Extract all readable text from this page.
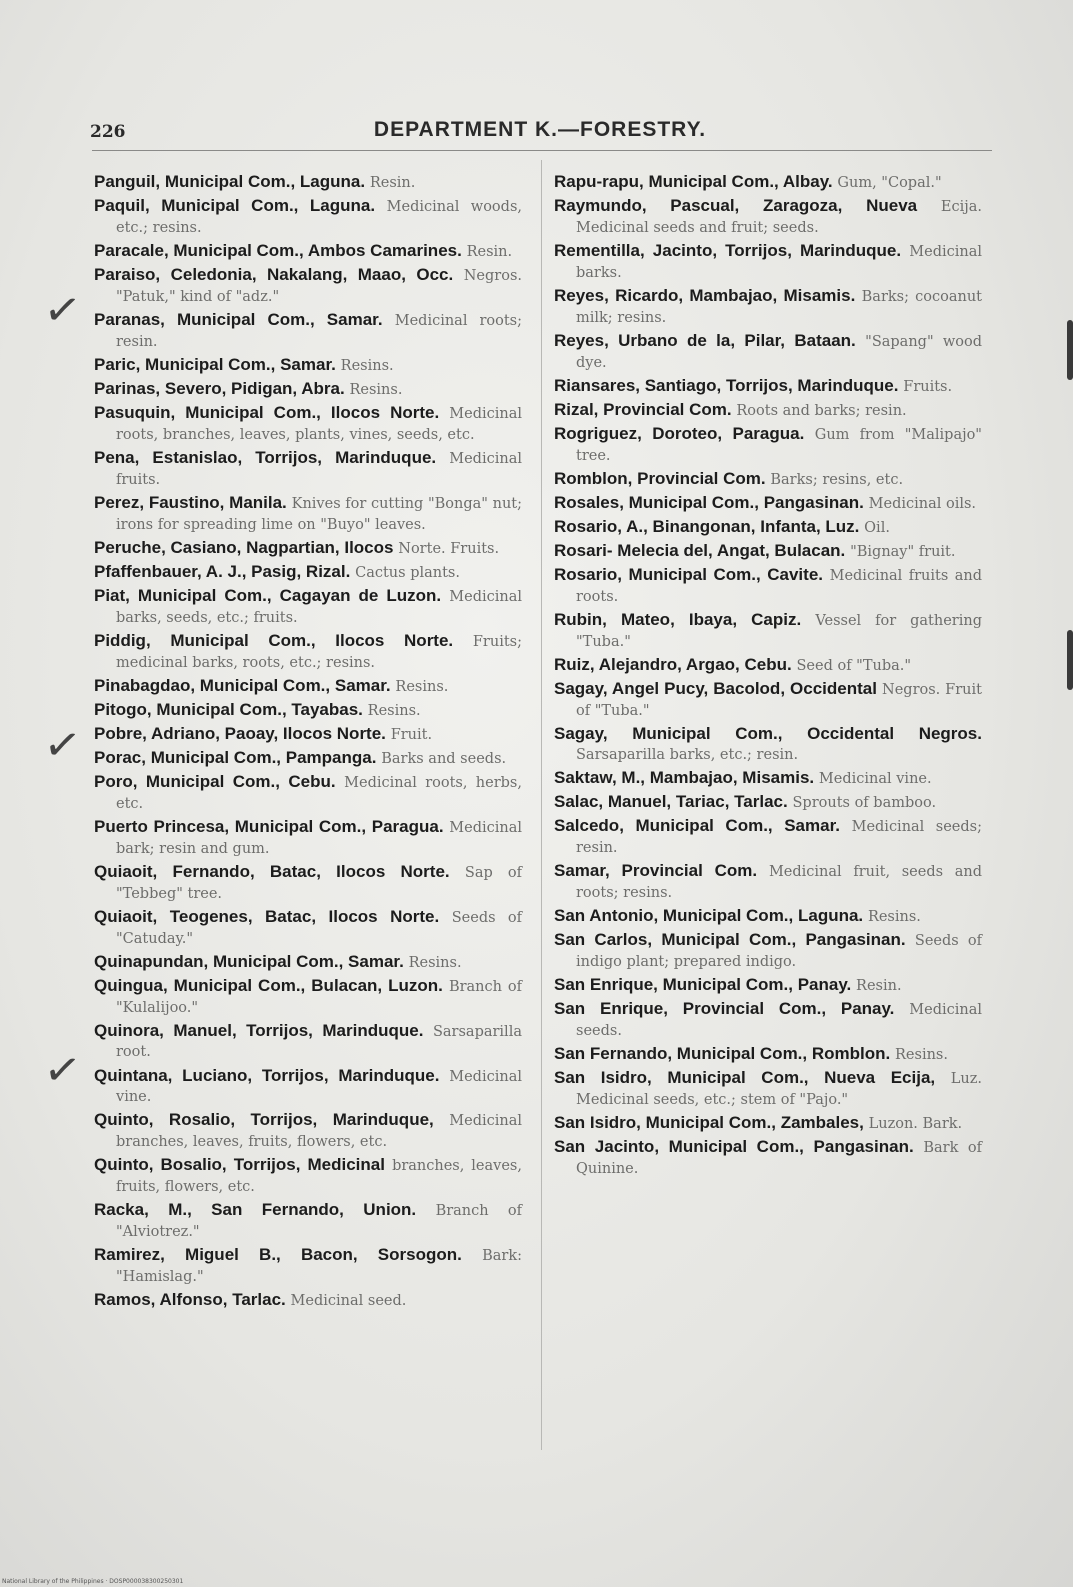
226	DEPARTMENT K.—FORESTRY.

Panguil, Municipal Com., Laguna. Resin.

Paquil, Municipal Com., Laguna. Medicinal woods, etc.; resins.

Paracale, Municipal Com., Ambos Camarines. Resin.

Paraiso, Celedonia, Nakalang, Maao, Occ. Negros. "Patuk," kind of "adz."

Paranas, Municipal Com., Samar. Medicinal roots; resin.

Paric, Municipal Com., Samar. Resins.

Parinas, Severo, Pidigan, Abra. Resins.

Pasuquin, Municipal Com., Ilocos Norte. Medicinal roots, branches, leaves, plants, vines, seeds, etc.

Pena, Estanislao, Torrijos, Marinduque. Medicinal fruits.

Perez, Faustino, Manila. Knives for cutting "Bonga" nut; irons for spreading lime on "Buyo" leaves.

Peruche, Casiano, Nagpartian, Ilocos Norte. Fruits.

Pfaffenbauer, A. J., Pasig, Rizal. Cactus plants.

Piat, Municipal Com., Cagayan de Luzon. Medicinal barks, seeds, etc.; fruits.

Piddig, Municipal Com., Ilocos Norte. Fruits; medicinal barks, roots, etc.; resins.

Pinabagdao, Municipal Com., Samar. Resins.

Pitogo, Municipal Com., Tayabas. Resins.

Pobre, Adriano, Paoay, Ilocos Norte. Fruit.

Porac, Municipal Com., Pampanga. Barks and seeds.

Poro, Municipal Com., Cebu. Medicinal roots, herbs, etc.

Puerto Princesa, Municipal Com., Paragua. Medicinal bark; resin and gum.

Quiaoit, Fernando, Batac, Ilocos Norte. Sap of "Tebbeg" tree.

Quiaoit, Teogenes, Batac, Ilocos Norte. Seeds of "Catuday."

Quinapundan, Municipal Com., Samar. Resins.

Quingua, Municipal Com., Bulacan, Luzon. Branch of "Kulalijoo."

Quinora, Manuel, Torrijos, Marinduque. Sarsaparilla root.

Quintana, Luciano, Torrijos, Marinduque. Medicinal vine.

Quinto, Rosalio, Torrijos, Marinduque, Medicinal branches, leaves, fruits, flowers, etc.

Quinto, Bosalio, Torrijos, Medicinal branches, leaves, fruits, flowers, etc.

Racka, M., San Fernando, Union. Branch of "Alviotrez."

Ramirez, Miguel B., Bacon, Sorsogon. Bark: "Hamislag."

Ramos, Alfonso, Tarlac. Medicinal seed.

Rapu-rapu, Municipal Com., Albay. Gum, "Copal."

Raymundo, Pascual, Zaragoza, Nueva Ecija. Medicinal seeds and fruit; seeds.

Rementilla, Jacinto, Torrijos, Marinduque. Medicinal barks.

Reyes, Ricardo, Mambajao, Misamis. Barks; cocoanut milk; resins.

Reyes, Urbano de la, Pilar, Bataan. "Sapang" wood dye.

Riansares, Santiago, Torrijos, Marinduque. Fruits.

Rizal, Provincial Com. Roots and barks; resin.

Rogriguez, Doroteo, Paragua. Gum from "Malipajo" tree.

Romblon, Provincial Com. Barks; resins, etc.

Rosales, Municipal Com., Pangasinan. Medicinal oils.

Rosario, A., Binangonan, Infanta, Luz. Oil.

Rosari- Melecia del, Angat, Bulacan. "Bignay" fruit.

Rosario, Municipal Com., Cavite. Medicinal fruits and roots.

Rubin, Mateo, Ibaya, Capiz. Vessel for gathering "Tuba."

Ruiz, Alejandro, Argao, Cebu. Seed of "Tuba."

Sagay, Angel Pucy, Bacolod, Occidental Negros. Fruit of "Tuba."

Sagay, Municipal Com., Occidental Negros. Sarsaparilla barks, etc.; resin.

Saktaw, M., Mambajao, Misamis. Medicinal vine.

Salac, Manuel, Tariac, Tarlac. Sprouts of bamboo.

Salcedo, Municipal Com., Samar. Medicinal seeds; resin.

Samar, Provincial Com. Medicinal fruit, seeds and roots; resins.

San Antonio, Municipal Com., Laguna. Resins.

San Carlos, Municipal Com., Pangasinan. Seeds of indigo plant; prepared indigo.

San Enrique, Municipal Com., Panay. Resin.

San Enrique, Provincial Com., Panay. Medicinal seeds.

San Fernando, Municipal Com., Romblon. Resins.

San Isidro, Municipal Com., Nueva Ecija, Luz. Medicinal seeds, etc.; stem of "Pajo."

San Isidro, Municipal Com., Zambales, Luzon. Bark.

San Jacinto, Municipal Com., Pangasinan. Bark of Quinine.

✓
✓
✓
National Library of the Philippines · DOSP000038300250301
